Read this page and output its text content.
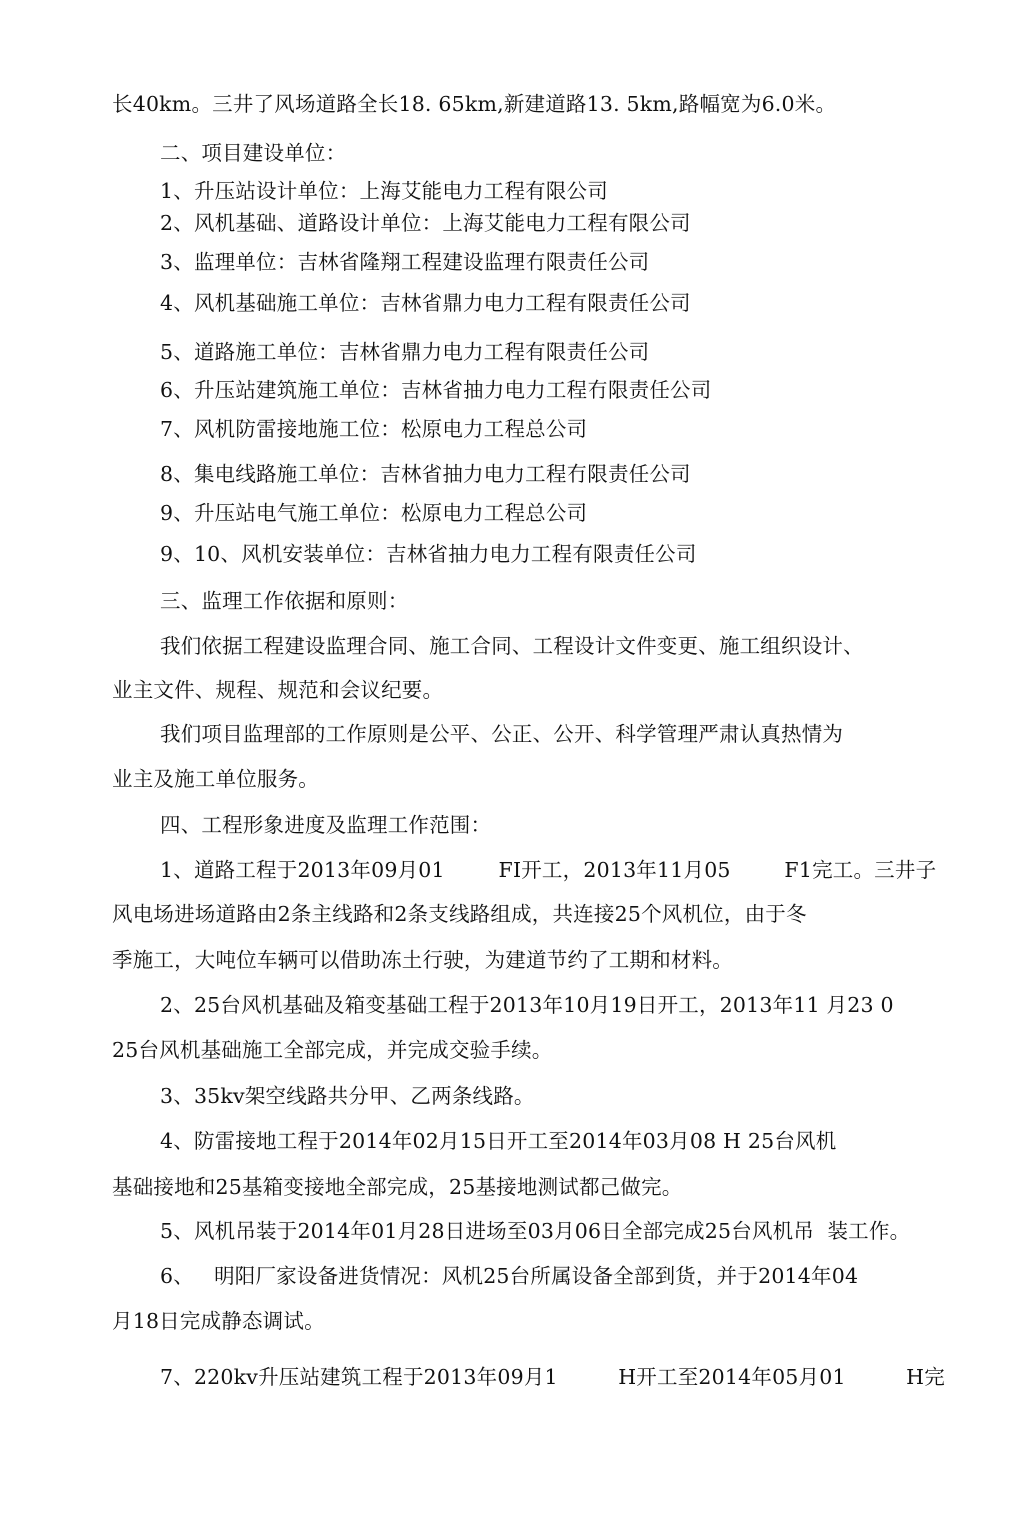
长40km。三井了风场道路全长18. 65km,新建道路13. 5km,路幅宽为6.0米。
二、项目建设单位：
1、升压站设计单位：上海艾能电力工程有限公司
2、风机基础、道路设计单位：上海艾能电力工程有限公司
3、监理单位：吉林省隆翔工程建设监理冇限责任公司
4、风机基础施工单位：吉林省鼎力电力工程有限责任公司
5、道路施工单位：吉林省鼎力电力工程有限责任公司
6、升压站建筑施工单位：吉林省抽力电力工程冇限责任公司
7、风机防雷接地施工位：松原电力工程总公司
8、集电线路施工单位：吉林省抽力电力工程冇限责任公司
9、升压站电气施工单位：松原电力工程总公司
9、10、风机安装单位：吉林省抽力电力工程有限责任公司
三、监理工作依据和原则：
我们依据工程建设监理合同、施工合同、工程设计文件变更、施工组织设计、
业主文件、规程、规范和会议纪要。
我们项目监理部的工作原则是公平、公正、公开、科学管理严肃认真热情为
业主及施工单位服务。
四、工程形象进度及监理工作范围：
1、道路工程于2013年09月01        FI开工，2013年11月05        F1完工。三井子
风电场进场道路由2条主线路和2条支线路组成，共连接25个风机位，由于冬
季施工，大吨位车辆可以借助冻土行驶，为建道节约了工期和材料。
2、25台风机基础及箱变基础工程于2013年10月19日开工，2013年11 月23 0
25台风机基础施工全部完成，并完成交验手续。
3、35kv架空线路共分甲、乙两条线路。
4、防雷接地工程于2014年02月15日开工至2014年03月08 H 25台风机
基础接地和25基箱变接地全部完成，25基接地测试都己做完。
5、风机吊装于2014年01月28日进场至03月06日全部完成25台风机吊  装工作。
6、   明阳厂家设备进货情况：风机25台所属设备全部到货，并于2014年04
月18日完成静态调试。
7、220kv升压站建筑工程于2013年09月1         H开工至2014年05月01         H完
